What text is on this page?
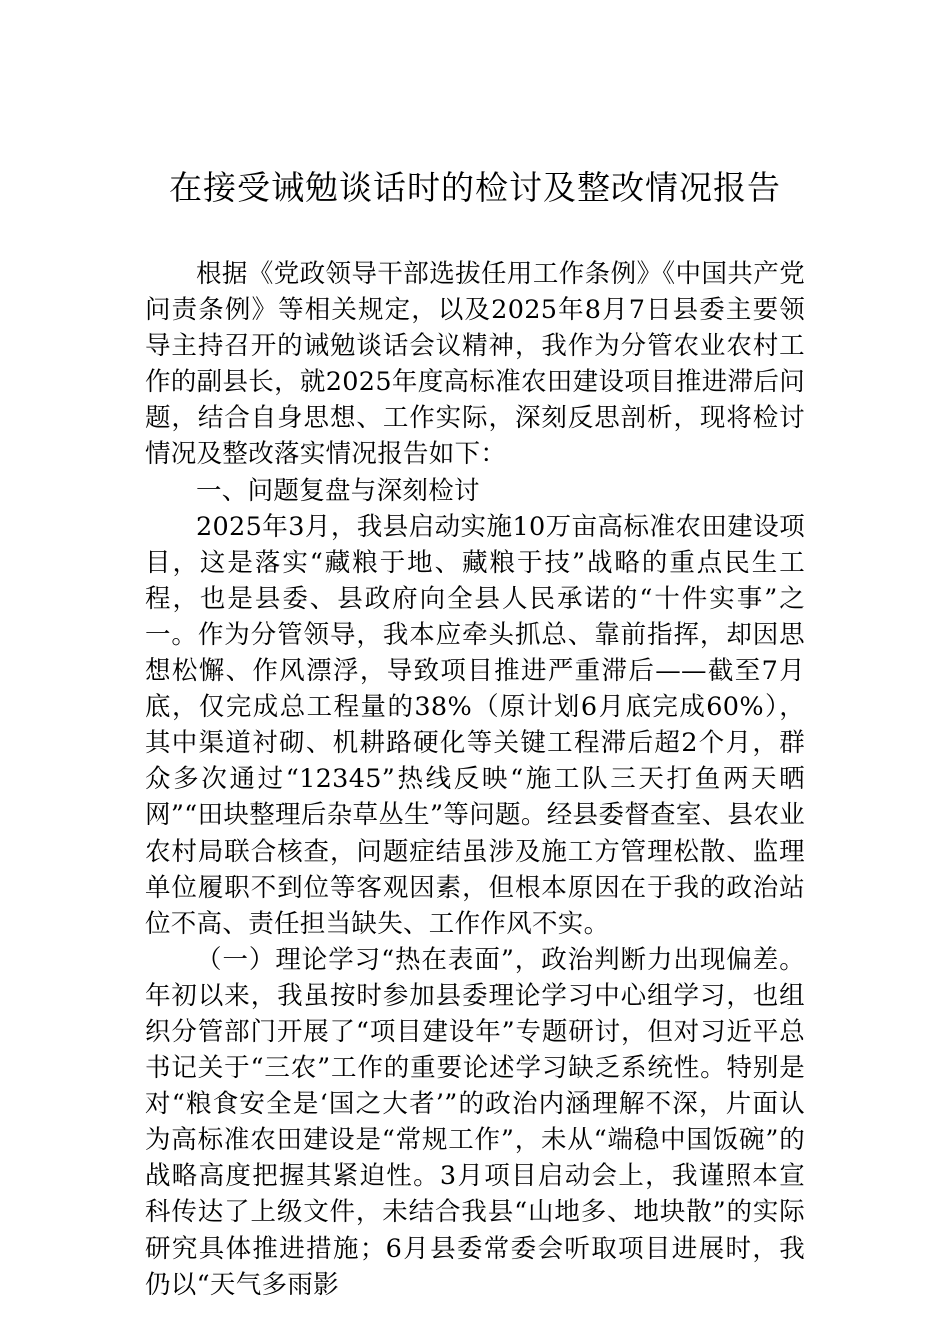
在接受诫勉谈话时的检讨及整改情况报告

根据《党政领导干部选拔任用工作条例》《中国共产党问责条例》等相关规定，以及2025年8月7日县委主要领导主持召开的诫勉谈话会议精神，我作为分管农业农村工作的副县长，就2025年度高标准农田建设项目推进滞后问题，结合自身思想、工作实际，深刻反思剖析，现将检讨情况及整改落实情况报告如下：

一、问题复盘与深刻检讨

2025年3月，我县启动实施10万亩高标准农田建设项目，这是落实“藏粮于地、藏粮于技”战略的重点民生工程，也是县委、县政府向全县人民承诺的“十件实事”之一。作为分管领导，我本应牵头抓总、靠前指挥，却因思想松懈、作风漂浮，导致项目推进严重滞后——截至7月底，仅完成总工程量的38%（原计划6月底完成60%），其中渠道衬砌、机耕路硬化等关键工程滞后超2个月，群众多次通过“12345”热线反映“施工队三天打鱼两天晒网”“田块整理后杂草丛生”等问题。经县委督查室、县农业农村局联合核查，问题症结虽涉及施工方管理松散、监理单位履职不到位等客观因素，但根本原因在于我的政治站位不高、责任担当缺失、工作作风不实。

（一）理论学习“热在表面”，政治判断力出现偏差。年初以来，我虽按时参加县委理论学习中心组学习，也组织分管部门开展了“项目建设年”专题研讨，但对习近平总书记关于“三农”工作的重要论述学习缺乏系统性。特别是对“粮食安全是‘国之大者’”的政治内涵理解不深，片面认为高标准农田建设是“常规工作”，未从“端稳中国饭碗”的战略高度把握其紧迫性。3月项目启动会上，我谨照本宣科传达了上级文件，未结合我县“山地多、地块散”的实际研究具体推进措施；6月县委常委会听取项目进展时，我仍以“天气多雨影
